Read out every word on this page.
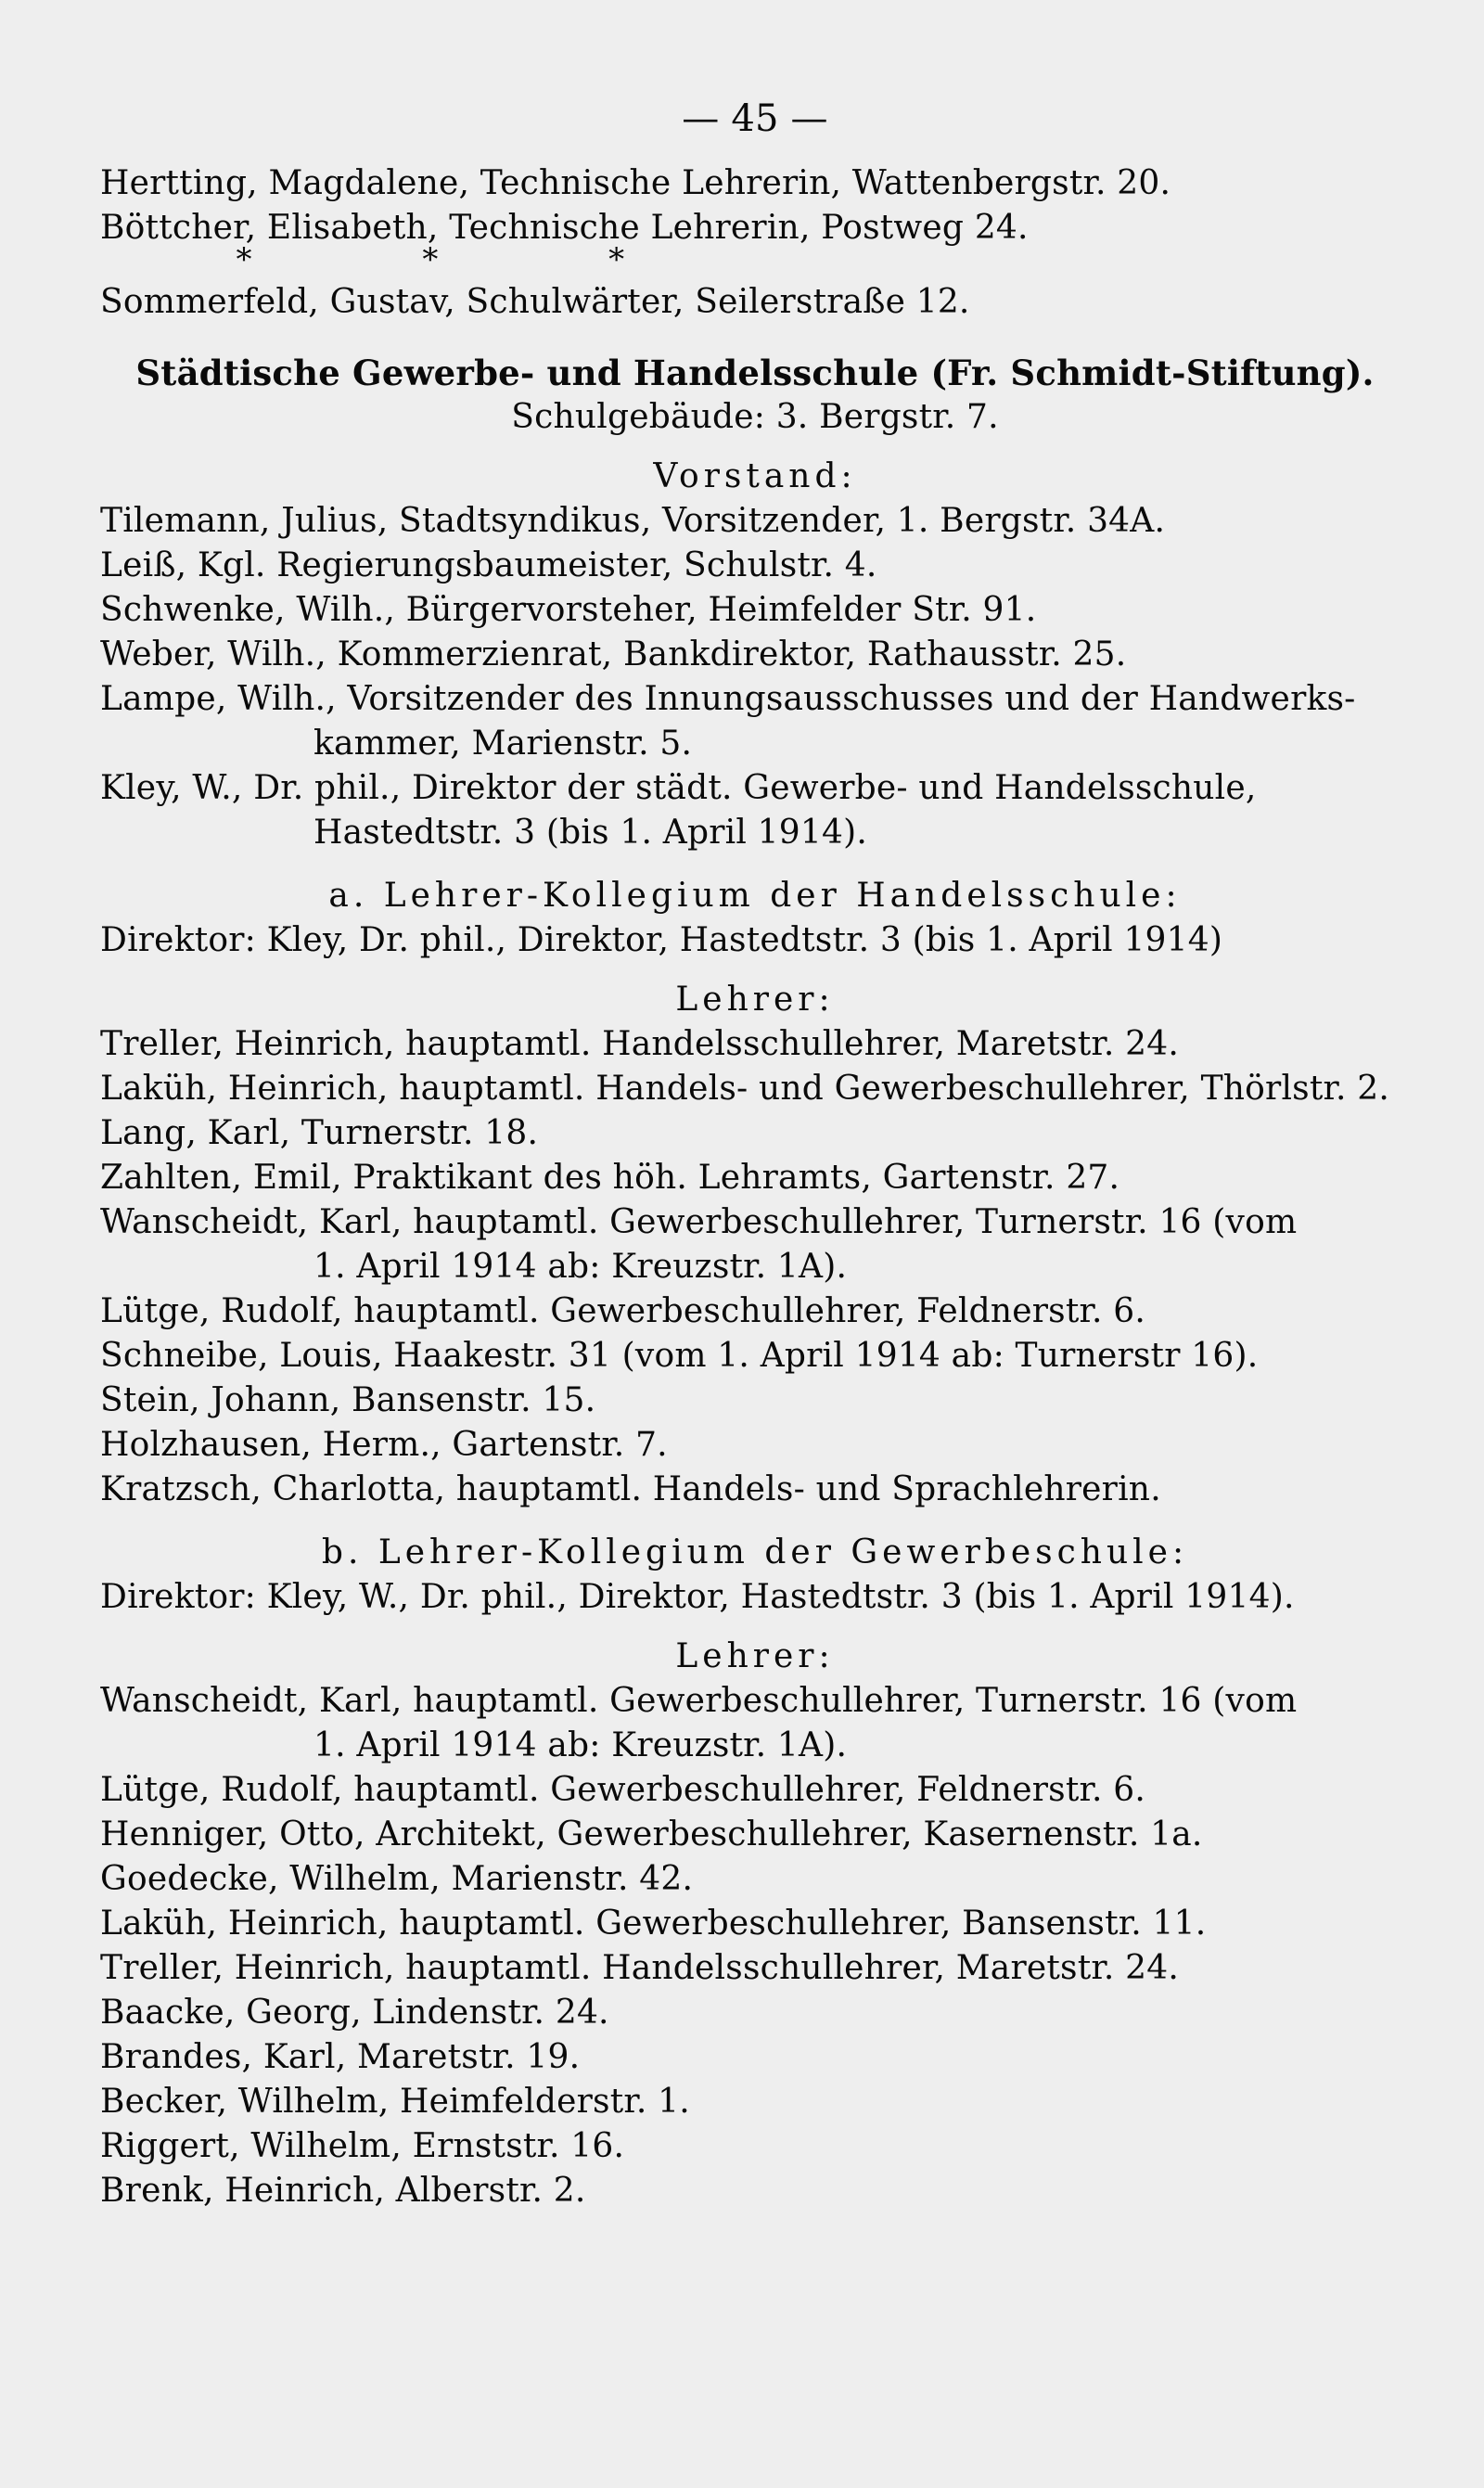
— 45 —
Hertting, Magdalene, Technische Lehrerin, Wattenbergstr. 20.
Böttcher, Elisabeth, Technische Lehrerin, Postweg 24.
*	*	*
Sommerfeld, Gustav, Schulwärter, Seilerstraße 12.
Städtische Gewerbe- und Handelsschule (Fr. Schmidt-Stiftung).
Schulgebäude: 3. Bergstr. 7.
Vorstand:
Tilemann, Julius, Stadtsyndikus, Vorsitzender, 1. Bergstr. 34A.
Leiß, Kgl. Regierungsbaumeister, Schulstr. 4.
Schwenke, Wilh., Bürgervorsteher, Heimfelder Str. 91.
Weber, Wilh., Kommerzienrat, Bankdirektor, Rathausstr. 25.
Lampe, Wilh., Vorsitzender des Innungsausschusses und der Handwerks-
kammer, Marienstr. 5.
Kley, W., Dr. phil., Direktor der städt. Gewerbe- und Handelsschule,
Hastedtstr. 3 (bis 1. April 1914).
a. Lehrer-Kollegium der Handelsschule:
Direktor: Kley, Dr. phil., Direktor, Hastedtstr. 3 (bis 1. April 1914)
Lehrer:
Treller, Heinrich, hauptamtl. Handelsschullehrer, Maretstr. 24.
Laküh, Heinrich, hauptamtl. Handels- und Gewerbeschullehrer, Thörlstr. 2.
Lang, Karl, Turnerstr. 18.
Zahlten, Emil, Praktikant des höh. Lehramts, Gartenstr. 27.
Wanscheidt, Karl, hauptamtl. Gewerbeschullehrer, Turnerstr. 16 (vom
1. April 1914 ab: Kreuzstr. 1A).
Lütge, Rudolf, hauptamtl. Gewerbeschullehrer, Feldnerstr. 6.
Schneibe, Louis, Haakestr. 31 (vom 1. April 1914 ab: Turnerstr 16).
Stein, Johann, Bansenstr. 15.
Holzhausen, Herm., Gartenstr. 7.
Kratzsch, Charlotta, hauptamtl. Handels- und Sprachlehrerin.
b. Lehrer-Kollegium der Gewerbeschule:
Direktor: Kley, W., Dr. phil., Direktor, Hastedtstr. 3 (bis 1. April 1914).
Lehrer:
Wanscheidt, Karl, hauptamtl. Gewerbeschullehrer, Turnerstr. 16 (vom
1. April 1914 ab: Kreuzstr. 1A).
Lütge, Rudolf, hauptamtl. Gewerbeschullehrer, Feldnerstr. 6.
Henniger, Otto, Architekt, Gewerbeschullehrer, Kasernenstr. 1a.
Goedecke, Wilhelm, Marienstr. 42.
Laküh, Heinrich, hauptamtl. Gewerbeschullehrer, Bansenstr. 11.
Treller, Heinrich, hauptamtl. Handelsschullehrer, Maretstr. 24.
Baacke, Georg, Lindenstr. 24.
Brandes, Karl, Maretstr. 19.
Becker, Wilhelm, Heimfelderstr. 1.
Riggert, Wilhelm, Ernststr. 16.
Brenk, Heinrich, Alberstr. 2.
